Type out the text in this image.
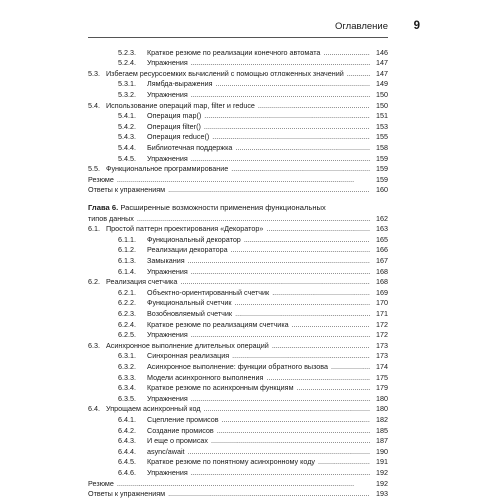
Оглавление 9
Глава 6. Расширенные возможности применения функциональных
5.2.3. Краткое резюме по реализации конечного автомата . . .	146
5.2.4. Упражнения . . .	147
5.3. Избегаем ресурсоемких вычислений с помощью отложенных значений . . .	147
5.3.1. Лямбда-выражения . . .	149
5.3.2. Упражнения . . .	150
5.4. Использование операций map, filter и reduce . . .	150
5.4.1. Операция map() . . .	151
5.4.2. Операция filter() . . .	153
5.4.3. Операция reduce() . . .	155
5.4.4. Библиотечная поддержка . . .	158
5.4.5. Упражнения . . .	159
5.5. Функциональное программирование . . .	159
Резюме . . .	159
Ответы к упражнениям . . .	160
типов данных . . .	162
6.1. Простой паттерн проектирования «Декоратор» . . .	163
6.1.1. Функциональный декоратор . . .	165
6.1.2. Реализации декоратора . . .	166
6.1.3. Замыкания . . .	167
6.1.4. Упражнения . . .	168
6.2. Реализация счетчика . . .	168
6.2.1. Объектно-ориентированный счетчик . . .	169
6.2.2. Функциональный счетчик . . .	170
6.2.3. Возобновляемый счетчик . . .	171
6.2.4. Краткое резюме по реализациям счетчика . . .	172
6.2.5. Упражнения . . .	172
6.3. Асинхронное выполнение длительных операций . . .	173
6.3.1. Синхронная реализация . . .	173
6.3.2. Асинхронное выполнение: функции обратного вызова . . .	174
6.3.3. Модели асинхронного выполнения . . .	175
6.3.4. Краткое резюме по асинхронным функциям . . .	179
6.3.5. Упражнения . . .	180
6.4. Упрощаем асинхронный код . . .	180
6.4.1. Сцепление промисов . . .	182
6.4.2. Создание промисов . . .	185
6.4.3. И еще о промисах . . .	187
6.4.4. async/await . . .	190
6.4.5. Краткое резюме по понятному асинхронному коду . . .	191
6.4.6. Упражнения . . .	192
Резюме . . .	192
Ответы к упражнениям . . .	193
